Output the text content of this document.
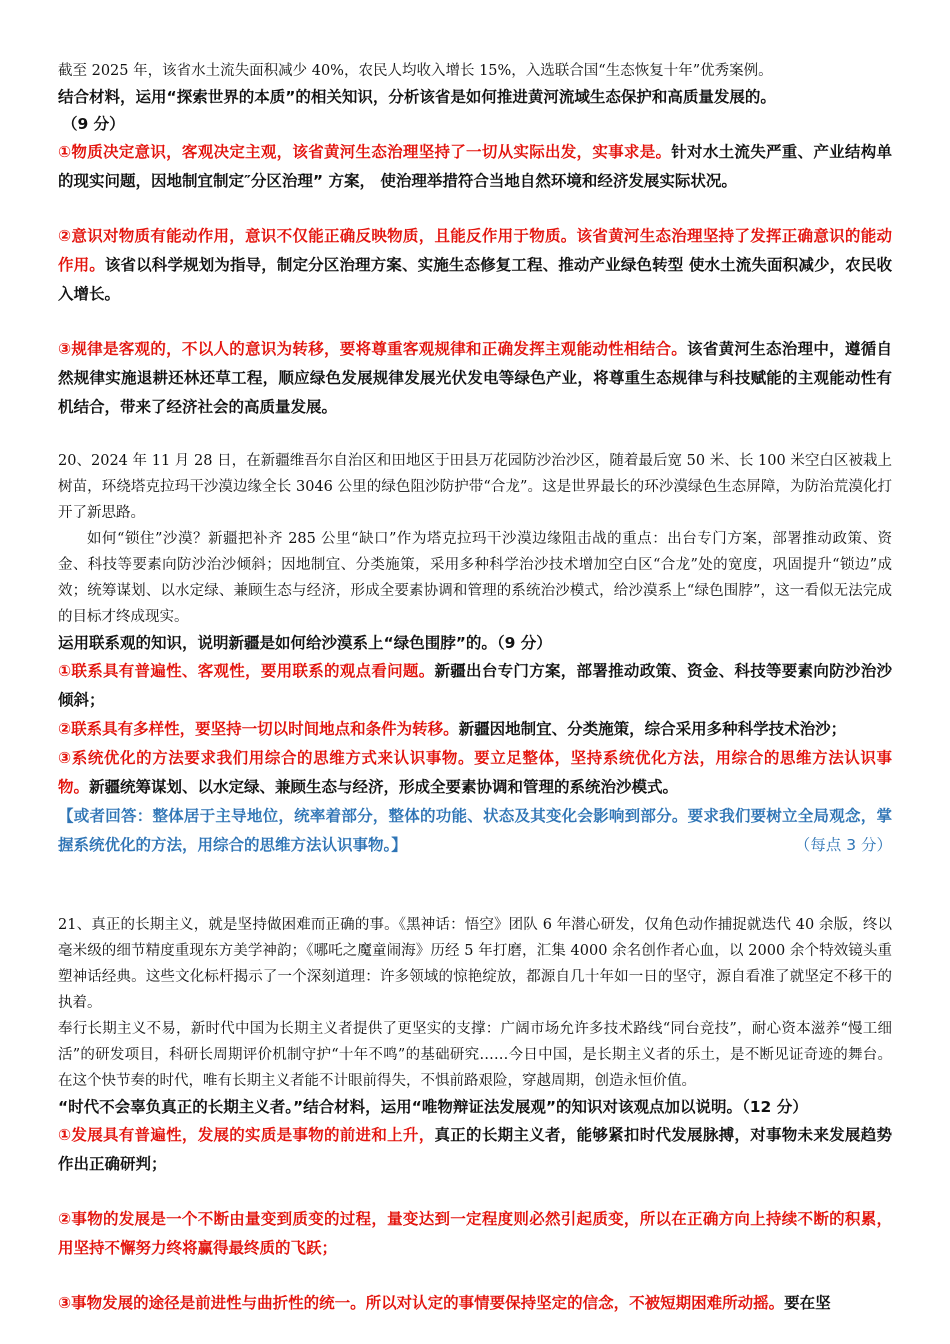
截至 2025 年，该省水土流失面积减少 40%，农民人均收入增长 15%，入选联合国“生态恢复十年”优秀案例。

结合材料，运用“探索世界的本质”的相关知识，分析该省是如何推进黄河流域生态保护和高质量发展的。

（9 分）

①物质决定意识，客观决定主观，该省黄河生态治理坚持了一切从实际出发，实事求是。针对水土流失严重、产业结构单的现实问题，因地制宜制定″分区治理” 方案， 使治理举措符合当地自然环境和经济发展实际状况。

②意识对物质有能动作用，意识不仅能正确反映物质，且能反作用于物质。该省黄河生态治理坚持了发挥正确意识的能动作用。该省以科学规划为指导，制定分区治理方案、实施生态修复工程、推动产业绿色转型 使水土流失面积减少，农民收入增长。

③规律是客观的，不以人的意识为转移，要将尊重客观规律和正确发挥主观能动性相结合。该省黄河生态治理中，遵循自然规律实施退耕还林还草工程，顺应绿色发展规律发展光伏发电等绿色产业，将尊重生态规律与科技赋能的主观能动性有机结合，带来了经济社会的高质量发展。

20、2024 年 11 月 28 日，在新疆维吾尔自治区和田地区于田县万花园防沙治沙区，随着最后宽 50 米、长 100 米空白区被栽上树苗，环绕塔克拉玛干沙漠边缘全长 3046 公里的绿色阻沙防护带“合龙”。这是世界最长的环沙漠绿色生态屏障，为防治荒漠化打开了新思路。

如何“锁住”沙漠？新疆把补齐 285 公里“缺口”作为塔克拉玛干沙漠边缘阻击战的重点：出台专门方案，部署推动政策、资金、科技等要素向防沙治沙倾斜；因地制宜、分类施策，采用多种科学治沙技术增加空白区“合龙”处的宽度，巩固提升“锁边”成效；统筹谋划、以水定绿、兼顾生态与经济，形成全要素协调和管理的系统治沙模式，给沙漠系上“绿色围脖”，这一看似无法完成的目标才终成现实。

运用联系观的知识，说明新疆是如何给沙漠系上“绿色围脖”的。（9 分）

①联系具有普遍性、客观性，要用联系的观点看问题。新疆出台专门方案，部署推动政策、资金、科技等要素向防沙治沙倾斜；

②联系具有多样性，要坚持一切以时间地点和条件为转移。新疆因地制宜、分类施策，综合采用多种科学技术治沙；

③系统优化的方法要求我们用综合的思维方式来认识事物。要立足整体，坚持系统优化方法，用综合的思维方法认识事物。新疆统筹谋划、以水定绿、兼顾生态与经济，形成全要素协调和管理的系统治沙模式。

【或者回答：整体居于主导地位，统率着部分，整体的功能、状态及其变化会影响到部分。要求我们要树立全局观念，掌握系统优化的方法，用综合的思维方法认识事物。】	（每点 3 分）

21、真正的长期主义，就是坚持做困难而正确的事。《黑神话：悟空》团队 6 年潜心研发，仅角色动作捕捉就迭代 40 余版，终以毫米级的细节精度重现东方美学神韵；《哪吒之魔童闹海》历经 5 年打磨，汇集 4000 余名创作者心血，以 2000 余个特效镜头重塑神话经典。这些文化标杆揭示了一个深刻道理：许多领域的惊艳绽放，都源自几十年如一日的坚守，源自看准了就坚定不移干的执着。

奉行长期主义不易，新时代中国为长期主义者提供了更坚实的支撑：广阔市场允许多技术路线“同台竞技”，耐心资本滋养“慢工细活”的研发项目，科研长周期评价机制守护“十年不鸣”的基础研究……今日中国，是长期主义者的乐土，是不断见证奇迹的舞台。在这个快节奏的时代，唯有长期主义者能不计眼前得失，不惧前路艰险，穿越周期，创造永恒价值。

“时代不会辜负真正的长期主义者。”结合材料，运用“唯物辩证法发展观”的知识对该观点加以说明。（12 分）

①发展具有普遍性，发展的实质是事物的前进和上升，真正的长期主义者，能够紧扣时代发展脉搏，对事物未来发展趋势作出正确研判；

②事物的发展是一个不断由量变到质变的过程，量变达到一定程度则必然引起质变，所以在正确方向上持续不断的积累，用坚持不懈努力终将赢得最终质的飞跃；

③事物发展的途径是前进性与曲折性的统一。所以对认定的事情要保持坚定的信念，不被短期困难所动摇。要在坚
